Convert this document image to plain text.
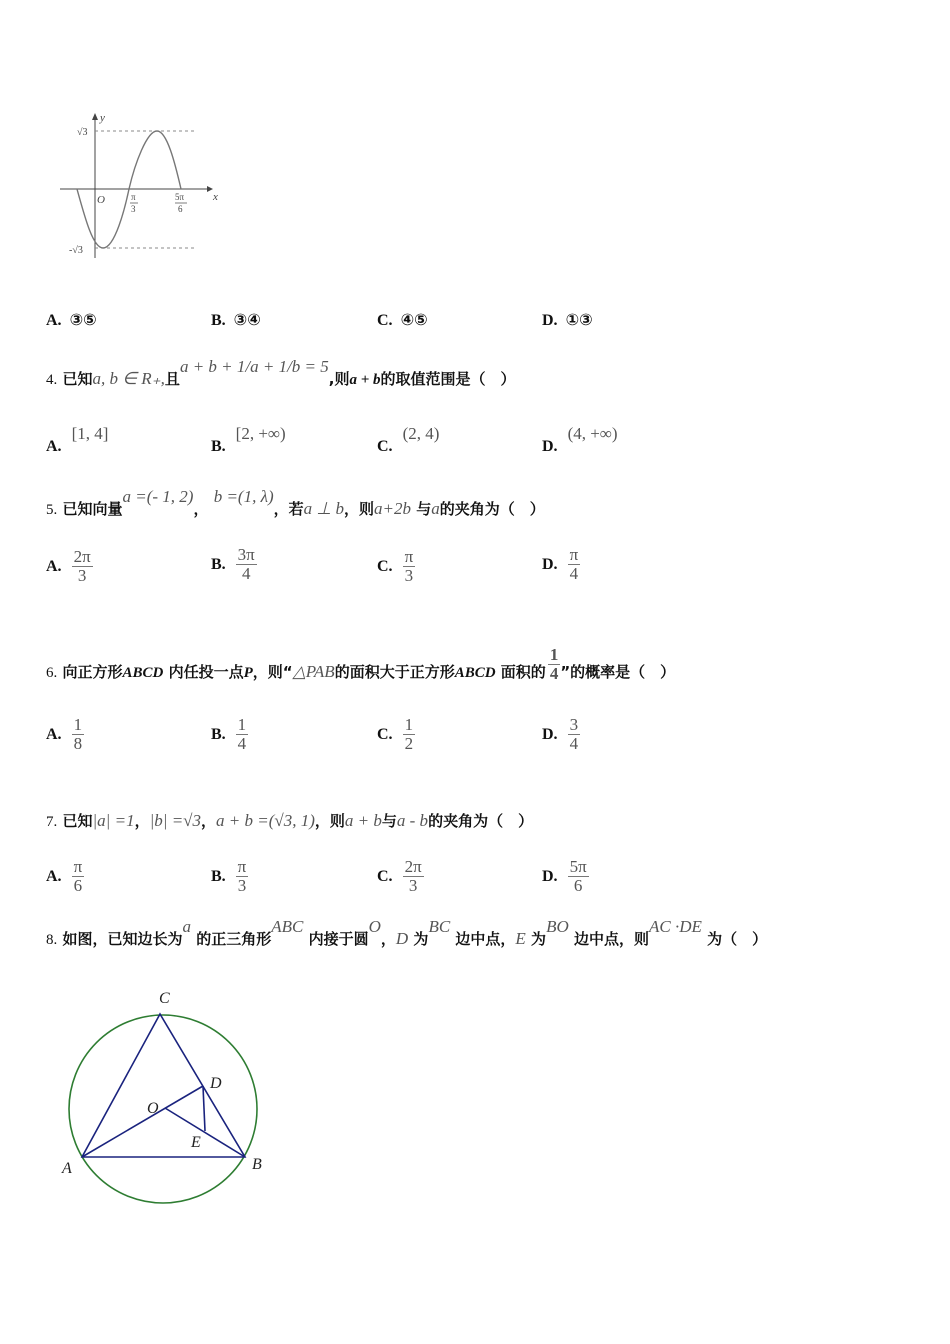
y
x
O
√3
-√3
π
3
5π
6
A. ③⑤	B. ③④	C. ④⑤	D. ①③
4. 已知a, b ∈ R₊,且a + b + 1/a + 1/b = 5,则a + b的取值范围是（　）
A.[1, 4]
B.[2, +∞)
C.(2, 4)
D.(4, +∞)
5. 已知向量a =(- 1, 2)， b =(1, λ)，若a ⊥ b，则a+2b 与a的夹角为（　）
A. $\frac{2\pi}{3}$	B. $\frac{3\pi}{4}$	C. $\frac{\pi}{3}$	D. $\frac{\pi}{4}$
6. 向正方形ABCD 内任投一点P，则“△PAB的面积大于正方形ABCD 面积的 $\frac{1}{4}$ ”的概率是（　）
A. $\frac{1}{8}$	B. $\frac{1}{4}$	C. $\frac{1}{2}$	D. $\frac{3}{4}$
7. 已知|a| =1，|b| =√3，a + b =(√3, 1)，则a + b与a - b的夹角为（　）
A. $\frac{\pi}{6}$	B. $\frac{\pi}{3}$	C. $\frac{2\pi}{3}$	D. $\frac{5\pi}{6}$
8. 如图，已知边长为a 的正三角形ABC 内接于圆O，D 为BC 边中点，E 为BO 边中点，则AC ·DE 为（　）
C
D
O
E
A	B
